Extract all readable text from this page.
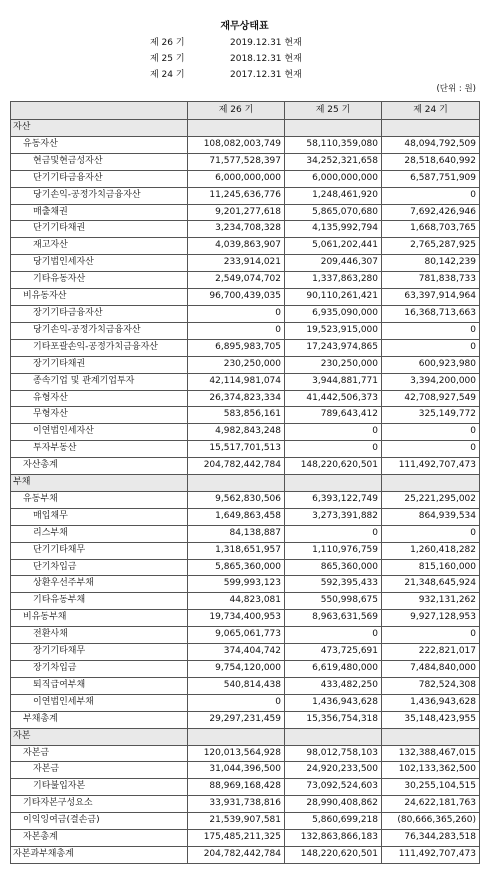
재무상태표
제 26 기	2019.12.31 현재
제 25 기	2018.12.31 현재
제 24 기	2017.12.31 현재
(단위 : 원)
	제 26 기	제 25 기	제 24 기
자산			
유동자산	108,082,003,749	58,110,359,080	48,094,792,509
현금및현금성자산	71,577,528,397	34,252,321,658	28,518,640,992
단기기타금융자산	6,000,000,000	6,000,000,000	6,587,751,909
당기손익-공정가치금융자산	11,245,636,776	1,248,461,920	0
매출채권	9,201,277,618	5,865,070,680	7,692,426,946
단기기타채권	3,234,708,328	4,135,992,794	1,668,703,765
재고자산	4,039,863,907	5,061,202,441	2,765,287,925
당기법인세자산	233,914,021	209,446,307	80,142,239
기타유동자산	2,549,074,702	1,337,863,280	781,838,733
비유동자산	96,700,439,035	90,110,261,421	63,397,914,964
장기기타금융자산	0	6,935,090,000	16,368,713,663
당기손익-공정가치금융자산	0	19,523,915,000	0
기타포괄손익-공정가치금융자산	6,895,983,705	17,243,974,865	0
장기기타채권	230,250,000	230,250,000	600,923,980
종속기업 및 관계기업투자	42,114,981,074	3,944,881,771	3,394,200,000
유형자산	26,374,823,334	41,442,506,373	42,708,927,549
무형자산	583,856,161	789,643,412	325,149,772
이연법인세자산	4,982,843,248	0	0
투자부동산	15,517,701,513	0	0
자산총계	204,782,442,784	148,220,620,501	111,492,707,473
부채			
유동부채	9,562,830,506	6,393,122,749	25,221,295,002
매입채무	1,649,863,458	3,273,391,882	864,939,534
리스부채	84,138,887	0	0
단기기타채무	1,318,651,957	1,110,976,759	1,260,418,282
단기차입금	5,865,360,000	865,360,000	815,160,000
상환우선주부채	599,993,123	592,395,433	21,348,645,924
기타유동부채	44,823,081	550,998,675	932,131,262
비유동부채	19,734,400,953	8,963,631,569	9,927,128,953
전환사채	9,065,061,773	0	0
장기기타채무	374,404,742	473,725,691	222,821,017
장기차입금	9,754,120,000	6,619,480,000	7,484,840,000
퇴직급여부채	540,814,438	433,482,250	782,524,308
이연법인세부채	0	1,436,943,628	1,436,943,628
부채총계	29,297,231,459	15,356,754,318	35,148,423,955
자본			
자본금	120,013,564,928	98,012,758,103	132,388,467,015
자본금	31,044,396,500	24,920,233,500	102,133,362,500
기타불입자본	88,969,168,428	73,092,524,603	30,255,104,515
기타자본구성요소	33,931,738,816	28,990,408,862	24,622,181,763
이익잉여금(결손금)	21,539,907,581	5,860,699,218	(80,666,365,260)
자본총계	175,485,211,325	132,863,866,183	76,344,283,518
자본과부채총계	204,782,442,784	148,220,620,501	111,492,707,473
